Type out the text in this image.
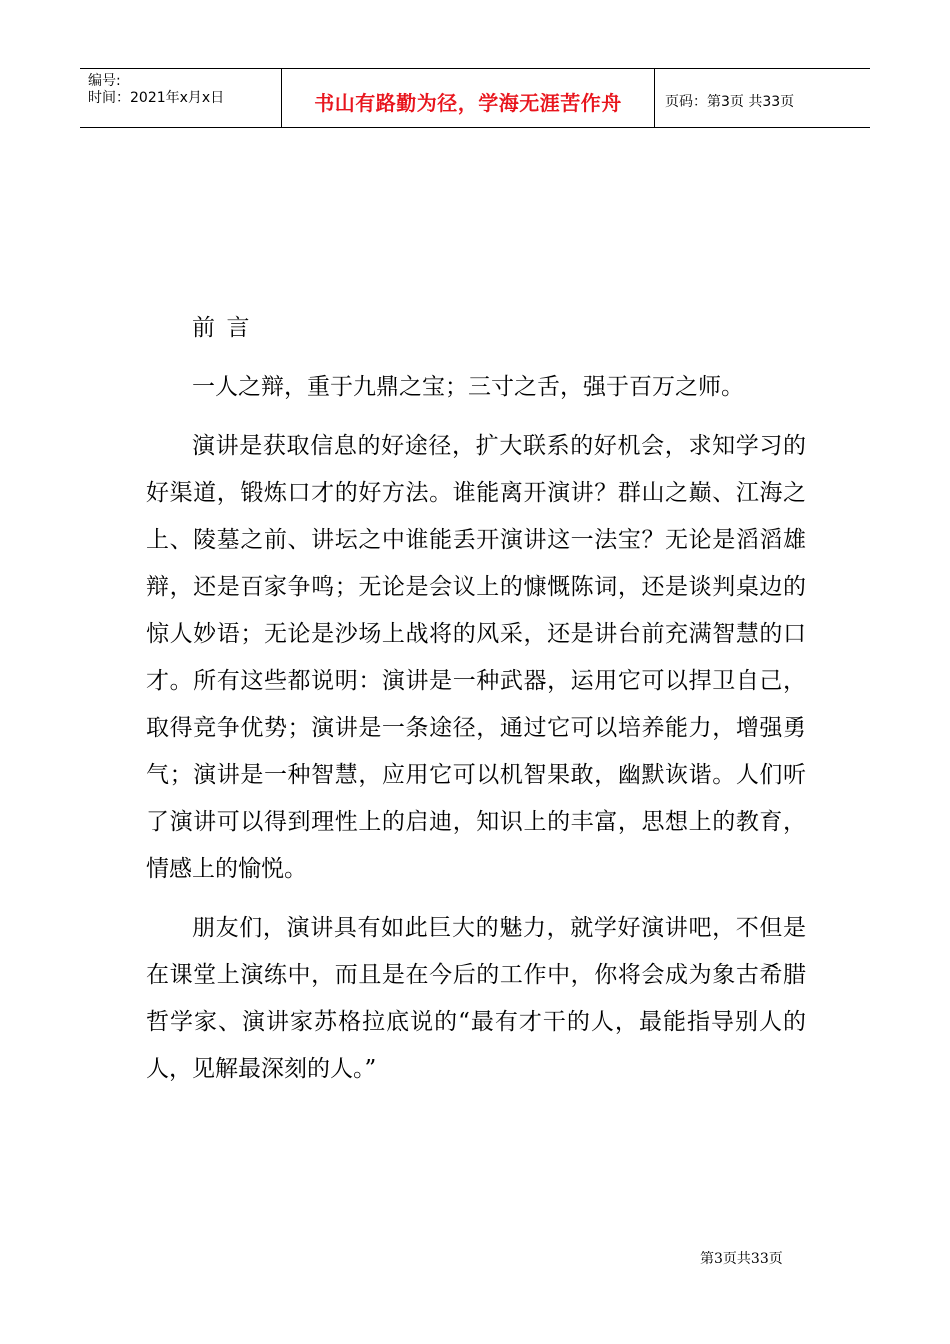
编号:
时间：2021年x月x日	书山有路勤为径，学海无涯苦作舟	页码：第3页 共33页

前言

一人之辩，重于九鼎之宝；三寸之舌，强于百万之师。

演讲是获取信息的好途径，扩大联系的好机会，求知学习的好渠道，锻炼口才的好方法。谁能离开演讲？群山之巅、江海之上、陵墓之前、讲坛之中谁能丢开演讲这一法宝？无论是滔滔雄辩，还是百家争鸣；无论是会议上的慷慨陈词，还是谈判桌边的惊人妙语；无论是沙场上战将的风采，还是讲台前充满智慧的口才。所有这些都说明：演讲是一种武器，运用它可以捍卫自己，取得竞争优势；演讲是一条途径，通过它可以培养能力，增强勇气；演讲是一种智慧，应用它可以机智果敢，幽默诙谐。人们听了演讲可以得到理性上的启迪，知识上的丰富，思想上的教育，情感上的愉悦。

朋友们，演讲具有如此巨大的魅力，就学好演讲吧，不但是在课堂上演练中，而且是在今后的工作中，你将会成为象古希腊哲学家、演讲家苏格拉底说的“最有才干的人，最能指导别人的人，见解最深刻的人。”

第3页共33页
